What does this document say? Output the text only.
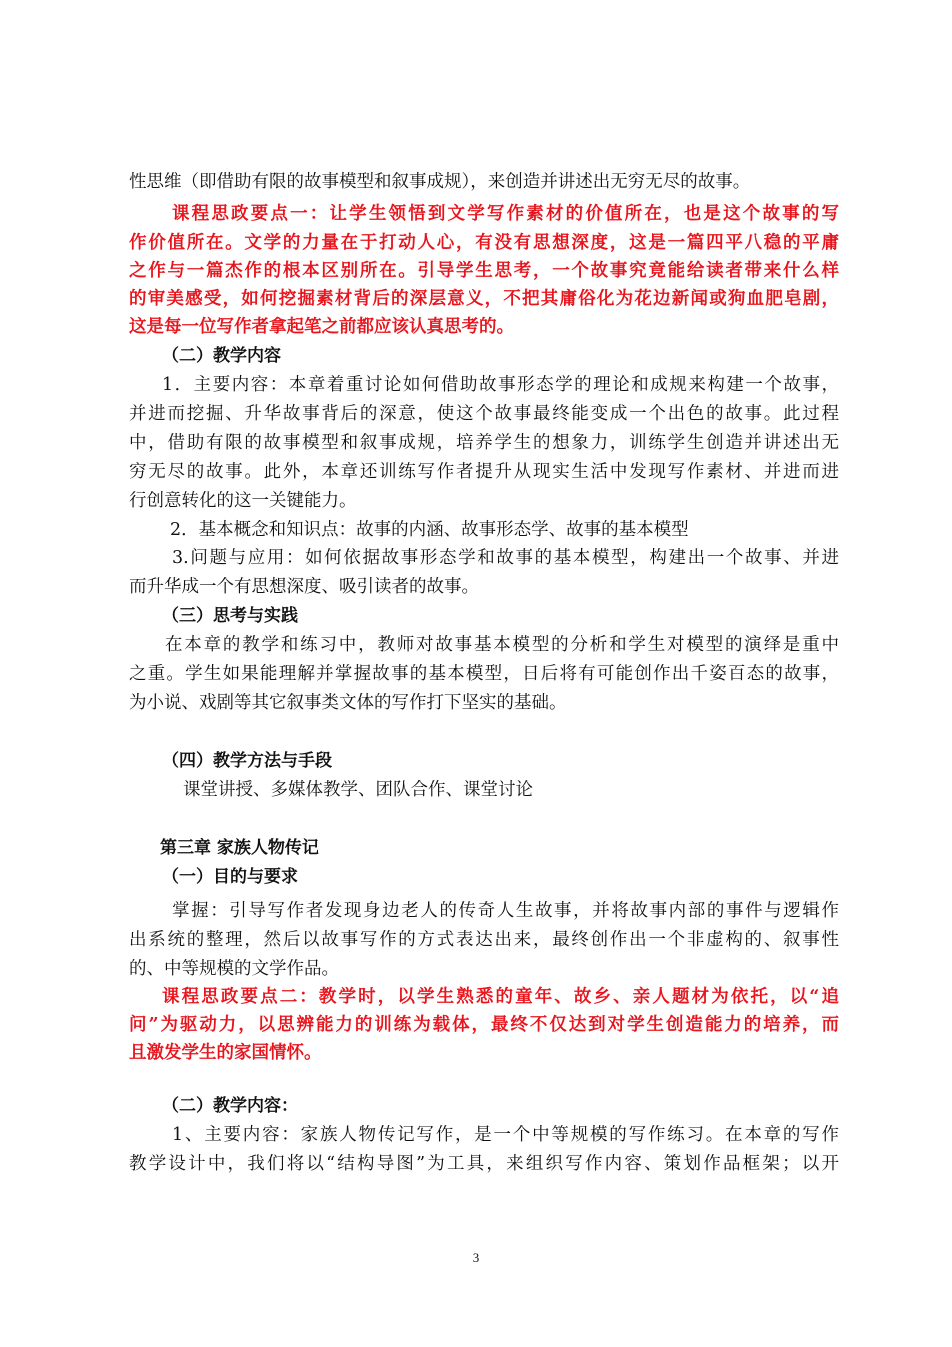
性思维（即借助有限的故事模型和叙事成规），来创造并讲述出无穷无尽的故事。
课程思政要点一：让学生领悟到文学写作素材的价值所在，也是这个故事的写
作价值所在。文学的力量在于打动人心，有没有思想深度，这是一篇四平八稳的平庸
之作与一篇杰作的根本区别所在。引导学生思考，一个故事究竟能给读者带来什么样
的审美感受，如何挖掘素材背后的深层意义，不把其庸俗化为花边新闻或狗血肥皂剧，
这是每一位写作者拿起笔之前都应该认真思考的。
（二）教学内容
1．主要内容：本章着重讨论如何借助故事形态学的理论和成规来构建一个故事，
并进而挖掘、升华故事背后的深意，使这个故事最终能变成一个出色的故事。此过程
中，借助有限的故事模型和叙事成规，培养学生的想象力，训练学生创造并讲述出无
穷无尽的故事。此外，本章还训练写作者提升从现实生活中发现写作素材、并进而进
行创意转化的这一关键能力。
2．基本概念和知识点：故事的内涵、故事形态学、故事的基本模型
3.问题与应用：如何依据故事形态学和故事的基本模型，构建出一个故事、并进
而升华成一个有思想深度、吸引读者的故事。
（三）思考与实践
在本章的教学和练习中，教师对故事基本模型的分析和学生对模型的演绎是重中
之重。学生如果能理解并掌握故事的基本模型，日后将有可能创作出千姿百态的故事，
为小说、戏剧等其它叙事类文体的写作打下坚实的基础。
（四）教学方法与手段
课堂讲授、多媒体教学、团队合作、课堂讨论
第三章 家族人物传记
（一）目的与要求
掌握：引导写作者发现身边老人的传奇人生故事，并将故事内部的事件与逻辑作
出系统的整理，然后以故事写作的方式表达出来，最终创作出一个非虚构的、叙事性
的、中等规模的文学作品。
课程思政要点二：教学时，以学生熟悉的童年、故乡、亲人题材为依托，以“追
问”为驱动力，以思辨能力的训练为载体，最终不仅达到对学生创造能力的培养，而
且激发学生的家国情怀。
（二）教学内容：
1、主要内容：家族人物传记写作，是一个中等规模的写作练习。在本章的写作
教学设计中，我们将以“结构导图”为工具，来组织写作内容、策划作品框架；以开
3
